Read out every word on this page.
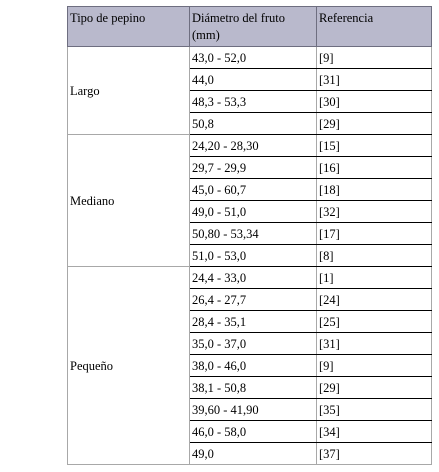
Tipo de pepino	Diámetro del fruto (mm)	Referencia
Largo	43,0 - 52,0	[9]
	44,0	[31]
	48,3 - 53,3	[30]
	50,8	[29]
Mediano	24,20 - 28,30	[15]
	29,7 - 29,9	[16]
	45,0 - 60,7	[18]
	49,0 - 51,0	[32]
	50,80 - 53,34	[17]
	51,0 - 53,0	[8]
Pequeño	24,4 - 33,0	[1]
	26,4 - 27,7	[24]
	28,4 - 35,1	[25]
	35,0 - 37,0	[31]
	38,0 - 46,0	[9]
	38,1 - 50,8	[29]
	39,60 - 41,90	[35]
	46,0 - 58,0	[34]
	49,0	[37]
